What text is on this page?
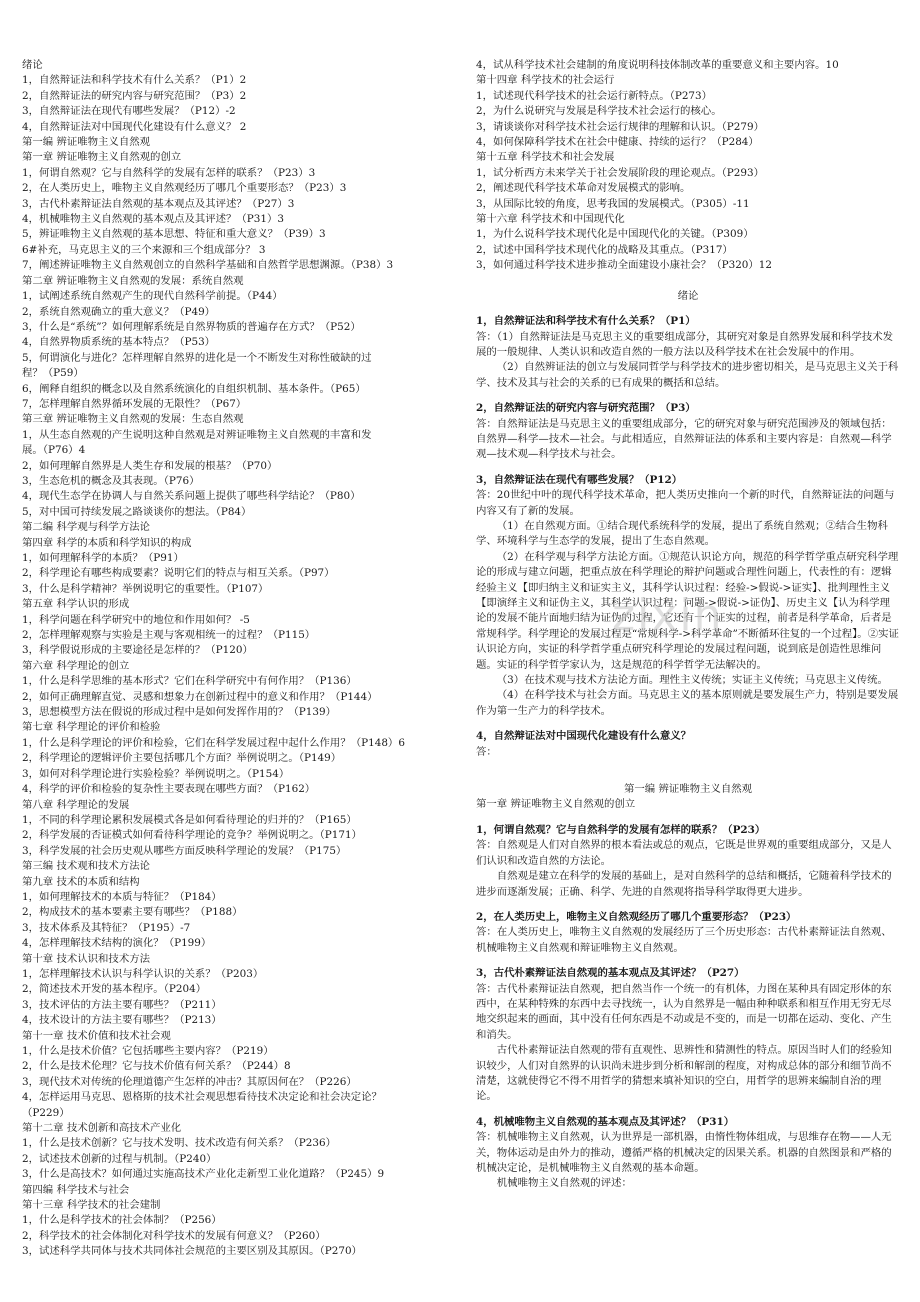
绪论
1，自然辩证法和科学技术有什么关系？（P1）2
2，自然辩证法的研究内容与研究范围？（P3）2
3，自然辩证法在现代有哪些发展？（P12）-2
4，自然辩证法对中国现代化建设有什么意义？ 2
第一编 辨证唯物主义自然观
第一章 辨证唯物主义自然观的创立
1，何谓自然观？它与自然科学的发展有怎样的联系？（P23）3
2，在人类历史上，唯物主义自然观经历了哪几个重要形态？（P23）3
3，古代朴素辩证法自然观的基本观点及其评述？（P27）3
4，机械唯物主义自然观的基本观点及其评述？（P31）3
5，辨证唯物主义自然观的基本思想、特征和重大意义？（P39）3
6#补充，马克思主义的三个来源和三个组成部分？ 3
7，阐述辨证唯物主义自然观创立的自然科学基础和自然哲学思想渊源。（P38）3
第二章 辨证唯物主义自然观的发展：系统自然观
1，试阐述系统自然观产生的现代自然科学前提。（P44）
2，系统自然观确立的重大意义？（P49）
3，什么是“系统”？如何理解系统是自然界物质的普遍存在方式？（P52）
4，自然界物质系统的基本特点？（P53）
5，何谓演化与进化？怎样理解自然界的进化是一个不断发生对称性破缺的过
程？（P59）
6，阐释自组织的概念以及自然系统演化的自组织机制、基本条件。（P65）
7，怎样理解自然界循环发展的无限性？（P67）
第三章 辨证唯物主义自然观的发展：生态自然观
1，从生态自然观的产生说明这种自然观是对辨证唯物主义自然观的丰富和发
展。（P76）4
2，如何理解自然界是人类生存和发展的根基？（P70）
3，生态危机的概念及其表现。（P76）
4，现代生态学在协调人与自然关系问题上提供了哪些科学结论？（P80）
5，对中国可持续发展之路谈谈你的想法。（P84）
第二编 科学观与科学方法论
第四章 科学的本质和科学知识的构成
1，如何理解科学的本质？（P91）
2，科学理论有哪些构成要素？说明它们的特点与相互关系。（P97）
3，什么是科学精神？举例说明它的重要性。（P107）
第五章 科学认识的形成
1，科学问题在科学研究中的地位和作用如何？ -5
2，怎样理解观察与实验是主观与客观相统一的过程？（P115）
3，科学假说形成的主要途径是怎样的？（P120）
第六章 科学理论的创立
1，什么是科学思维的基本形式？它们在科学研究中有何作用？（P136）
2，如何正确理解直觉、灵感和想象力在创新过程中的意义和作用？（P144）
3，思想模型方法在假说的形成过程中是如何发挥作用的？（P139）
第七章 科学理论的评价和检验
1，什么是科学理论的评价和检验，它们在科学发展过程中起什么作用？（P148）6
2，科学理论的逻辑评价主要包括哪几个方面？举例说明之。（P149）
3，如何对科学理论进行实验检验？举例说明之。（P154）
4，科学的评价和检验的复杂性主要表现在哪些方面？（P162）
第八章 科学理论的发展
1，不同的科学理论累积发展模式各是如何看待理论的归并的？（P165）
2，科学发展的否证模式如何看待科学理论的竞争？举例说明之。（P171）
3，科学发展的社会历史观从哪些方面反映科学理论的发展？（P175）
第三编 技术观和技术方法论
第九章 技术的本质和结构
1，如何理解技术的本质与特征？（P184）
2，构成技术的基本要素主要有哪些？（P188）
3，技术体系及其特征？（P195）-7
4，怎样理解技术结构的演化？（P199）
第十章 技术认识和技术方法
1，怎样理解技术认识与科学认识的关系？（P203）
2，简述技术开发的基本程序。（P204）
3，技术评估的方法主要有哪些？（P211）
4，技术设计的方法主要有哪些？（P213）
第十一章 技术价值和技术社会观
1，什么是技术价值？它包括哪些主要内容？（P219）
2，什么是技术伦理？它与技术价值有何关系？（P244）8
3，现代技术对传统的伦理道德产生怎样的冲击？其原因何在？（P226）
4，怎样运用马克思、恩格斯的技术社会观思想看待技术决定论和社会决定论？
（P229）
第十二章 技术创新和高技术产业化
1，什么是技术创新？它与技术发明、技术改造有何关系？（P236）
2，试述技术创新的过程与机制。（P240）
3，什么是高技术？如何通过实施高技术产业化走新型工业化道路？（P245）9
第四编 科学技术与社会
第十三章 科学技术的社会建制
1，什么是科学技术的社会体制？（P256）
2，科学技术的社会体制化对科学技术的发展有何意义？（P260）
3，试述科学共同体与技术共同体社会规范的主要区别及其原因。（P270）
4，试从科学技术社会建制的角度说明科技体制改革的重要意义和主要内容。10
第十四章 科学技术的社会运行
1，试述现代科学技术的社会运行新特点。（P273）
2，为什么说研究与发展是科学技术社会运行的核心。
3，请谈谈你对科学技术社会运行规律的理解和认识。（P279）
4，如何保障科学技术在社会中健康、持续的运行？（P284）
第十五章 科学技术和社会发展
1，试分析西方未来学关于社会发展阶段的理论观点。（P293）
2，阐述现代科学技术革命对发展模式的影响。
3，从国际比较的角度，思考我国的发展模式。（P305）-11
第十六章 科学技术和中国现代化
1，为什么说科学技术现代化是中国现代化的关键。（P309）
2，试述中国科学技术现代化的战略及其重点。（P317）
3，如何通过科学技术进步推动全面建设小康社会？（P320）12
绪论
1，自然辩证法和科学技术有什么关系？（P1）
答：（1）自然辩证法是马克思主义的重要组成部分，其研究对象是自然界发展和科学技术发展的一般规律、人类认识和改造自然的一般方法以及科学技术在社会发展中的作用。
（2）自然辨证法的创立与发展同哲学与科学技术的进步密切相关，是马克思主义关于科学、技术及其与社会的关系的已有成果的概括和总结。
2，自然辩证法的研究内容与研究范围？（P3）
答：自然辩证法是马克思主义的重要组成部分，它的研究对象与研究范围涉及的领域包括：自然界—科学—技术—社会。与此相适应，自然辩证法的体系和主要内容是：自然观—科学观—技术观—科学技术与社会。
3，自然辩证法在现代有哪些发展？（P12）
答：20世纪中叶的现代科学技术革命，把人类历史推向一个新的时代，自然辩证法的问题与内容又有了新的发展。
（1）在自然观方面。①结合现代系统科学的发展，提出了系统自然观；②结合生物科学、环境科学与生态学的发展，提出了生态自然观。
（2）在科学观与科学方法论方面。①规范认识论方向，规范的科学哲学重点研究科学理论的形成与建立问题，把重点放在科学理论的辩护问题或合理性问题上，代表性的有：逻辑经验主义【即归纳主义和证实主义，其科学认识过程：经验->假说->证实】、批判理性主义【即演绎主义和证伪主义，其科学认识过程：问题->假说->证伪】、历史主义【认为科学理论的发展不能片面地归结为证伪的过程，它还有一个证实的过程，前者是科学革命，后者是常规科学。科学理论的发展过程是“常规科学->科学革命”不断循环往复的一个过程】。②实证认识论方向，实证的科学哲学重点研究科学理论的发展过程问题，说到底是创造性思维问题。实证的科学哲学家认为，这是规范的科学哲学无法解决的。
（3）在技术观与技术方法论方面。理性主义传统；实证主义传统；马克思主义传统。
（4）在科学技术与社会方面。马克思主义的基本原则就是要发展生产力，特别是要发展作为第一生产力的科学技术。
4，自然辩证法对中国现代化建设有什么意义？
答：
第一编 辨证唯物主义自然观
第一章 辨证唯物主义自然观的创立
1，何谓自然观？它与自然科学的发展有怎样的联系？（P23）
答：自然观是人们对自然界的根本看法或总的观点，它既是世界观的重要组成部分，又是人们认识和改造自然的方法论。
自然观是建立在科学的发展的基础上，是对自然科学的总结和概括，它随着科学技术的进步而逐渐发展；正确、科学、先进的自然观将指导科学取得更大进步。
2，在人类历史上，唯物主义自然观经历了哪几个重要形态？（P23）
答：在人类历史上，唯物主义自然观的发展经历了三个历史形态：古代朴素辩证法自然观、机械唯物主义自然观和辩证唯物主义自然观。
3，古代朴素辩证法自然观的基本观点及其评述？（P27）
答：古代朴素辩证法自然观，把自然当作一个统一的有机体，力图在某种具有固定形体的东西中，在某种特殊的东西中去寻找统一，认为自然界是一幅由种种联系和相互作用无穷无尽地交织起来的画面，其中没有任何东西是不动或是不变的，而是一切都在运动、变化、产生和消失。
古代朴素辩证法自然观的带有直观性、思辨性和猜测性的特点。原因当时人们的经验知识较少，人们对自然界的认识尚未进步到分析和解剖的程度，对构成总体的部分和细节尚不清楚，这就使得它不得不用哲学的猜想来填补知识的空白，用哲学的思辨来编制自治的理论。
4，机械唯物主义自然观的基本观点及其评述？（P31）
答：机械唯物主义自然观，认为世界是一部机器，由惰性物体组成，与思维存在物——人无关，物体运动是由外力的推动，遵循严格的机械决定的因果关系。机器的自然图景和严格的机械决定论，是机械唯物主义自然观的基本命题。
机械唯物主义自然观的评述：
zixin
